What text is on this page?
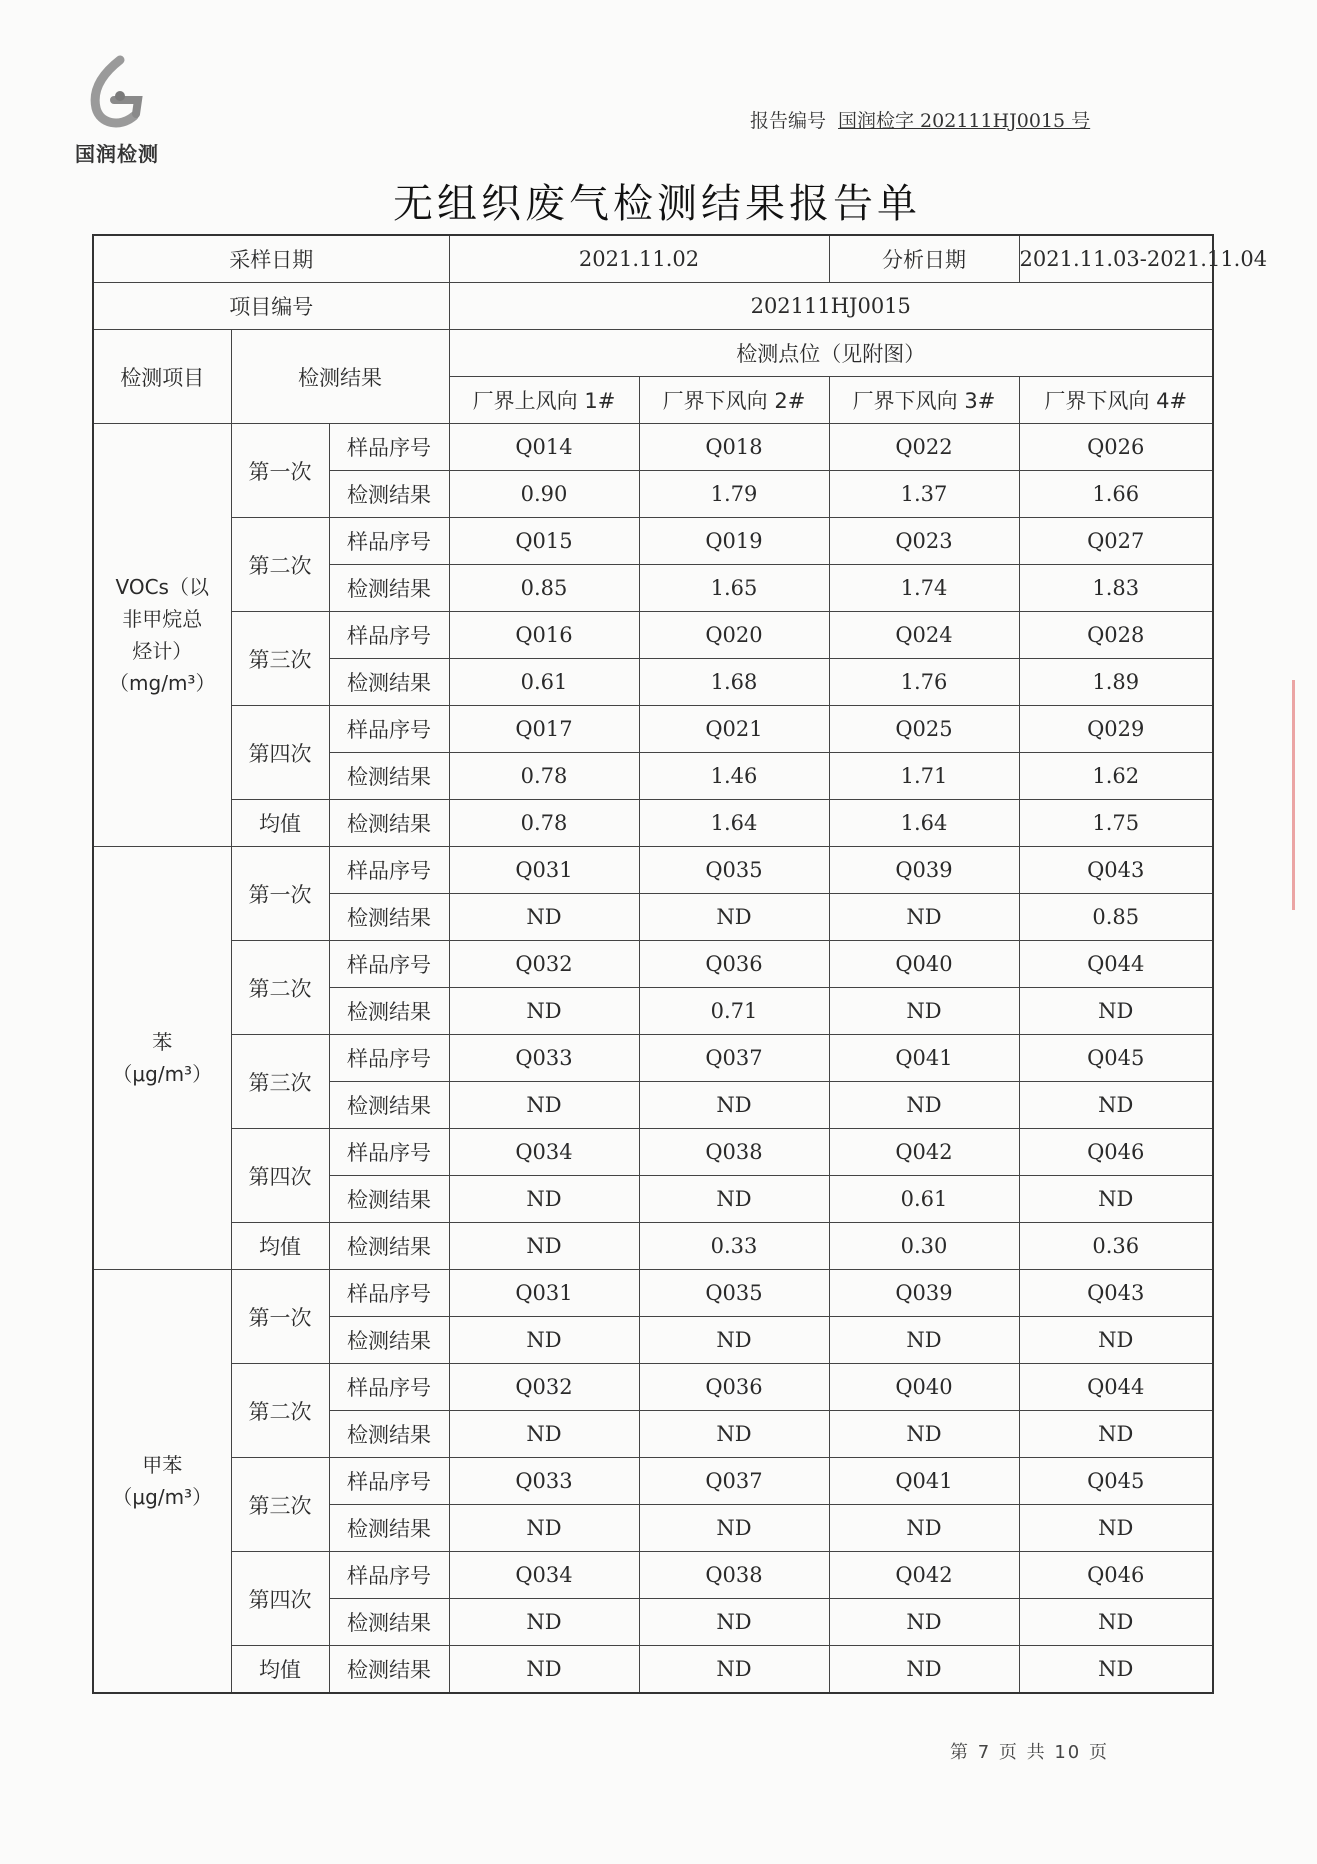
国润检测
报告编号 国润检字 202111HJ0015 号
无组织废气检测结果报告单
采样日期			2021.11.02		分析日期	2021.11.03-2021.11.04
项目编号			202111HJ0015			
检测项目	检测结果		检测点位（见附图）			
			厂界上风向 1#	厂界下风向 2#	厂界下风向 3#	厂界下风向 4#

VOCs（以
非甲烷总
烃计）
（mg/m³）	第一次	样品序号	Q014	Q018	Q022	Q026
		检测结果	0.90	1.79	1.37	1.66
	第二次	样品序号	Q015	Q019	Q023	Q027
		检测结果	0.85	1.65	1.74	1.83
	第三次	样品序号	Q016	Q020	Q024	Q028
		检测结果	0.61	1.68	1.76	1.89
	第四次	样品序号	Q017	Q021	Q025	Q029
		检测结果	0.78	1.46	1.71	1.62
	均值	检测结果	0.78	1.64	1.64	1.75

苯
（μg/m³）	第一次	样品序号	Q031	Q035	Q039	Q043
		检测结果	ND	ND	ND	0.85
	第二次	样品序号	Q032	Q036	Q040	Q044
		检测结果	ND	0.71	ND	ND
	第三次	样品序号	Q033	Q037	Q041	Q045
		检测结果	ND	ND	ND	ND
	第四次	样品序号	Q034	Q038	Q042	Q046
		检测结果	ND	ND	0.61	ND
	均值	检测结果	ND	0.33	0.30	0.36

甲苯
（μg/m³）	第一次	样品序号	Q031	Q035	Q039	Q043
		检测结果	ND	ND	ND	ND
	第二次	样品序号	Q032	Q036	Q040	Q044
		检测结果	ND	ND	ND	ND
	第三次	样品序号	Q033	Q037	Q041	Q045
		检测结果	ND	ND	ND	ND
	第四次	样品序号	Q034	Q038	Q042	Q046
		检测结果	ND	ND	ND	ND
	均值	检测结果	ND	ND	ND	ND
第 7 页 共 10 页
